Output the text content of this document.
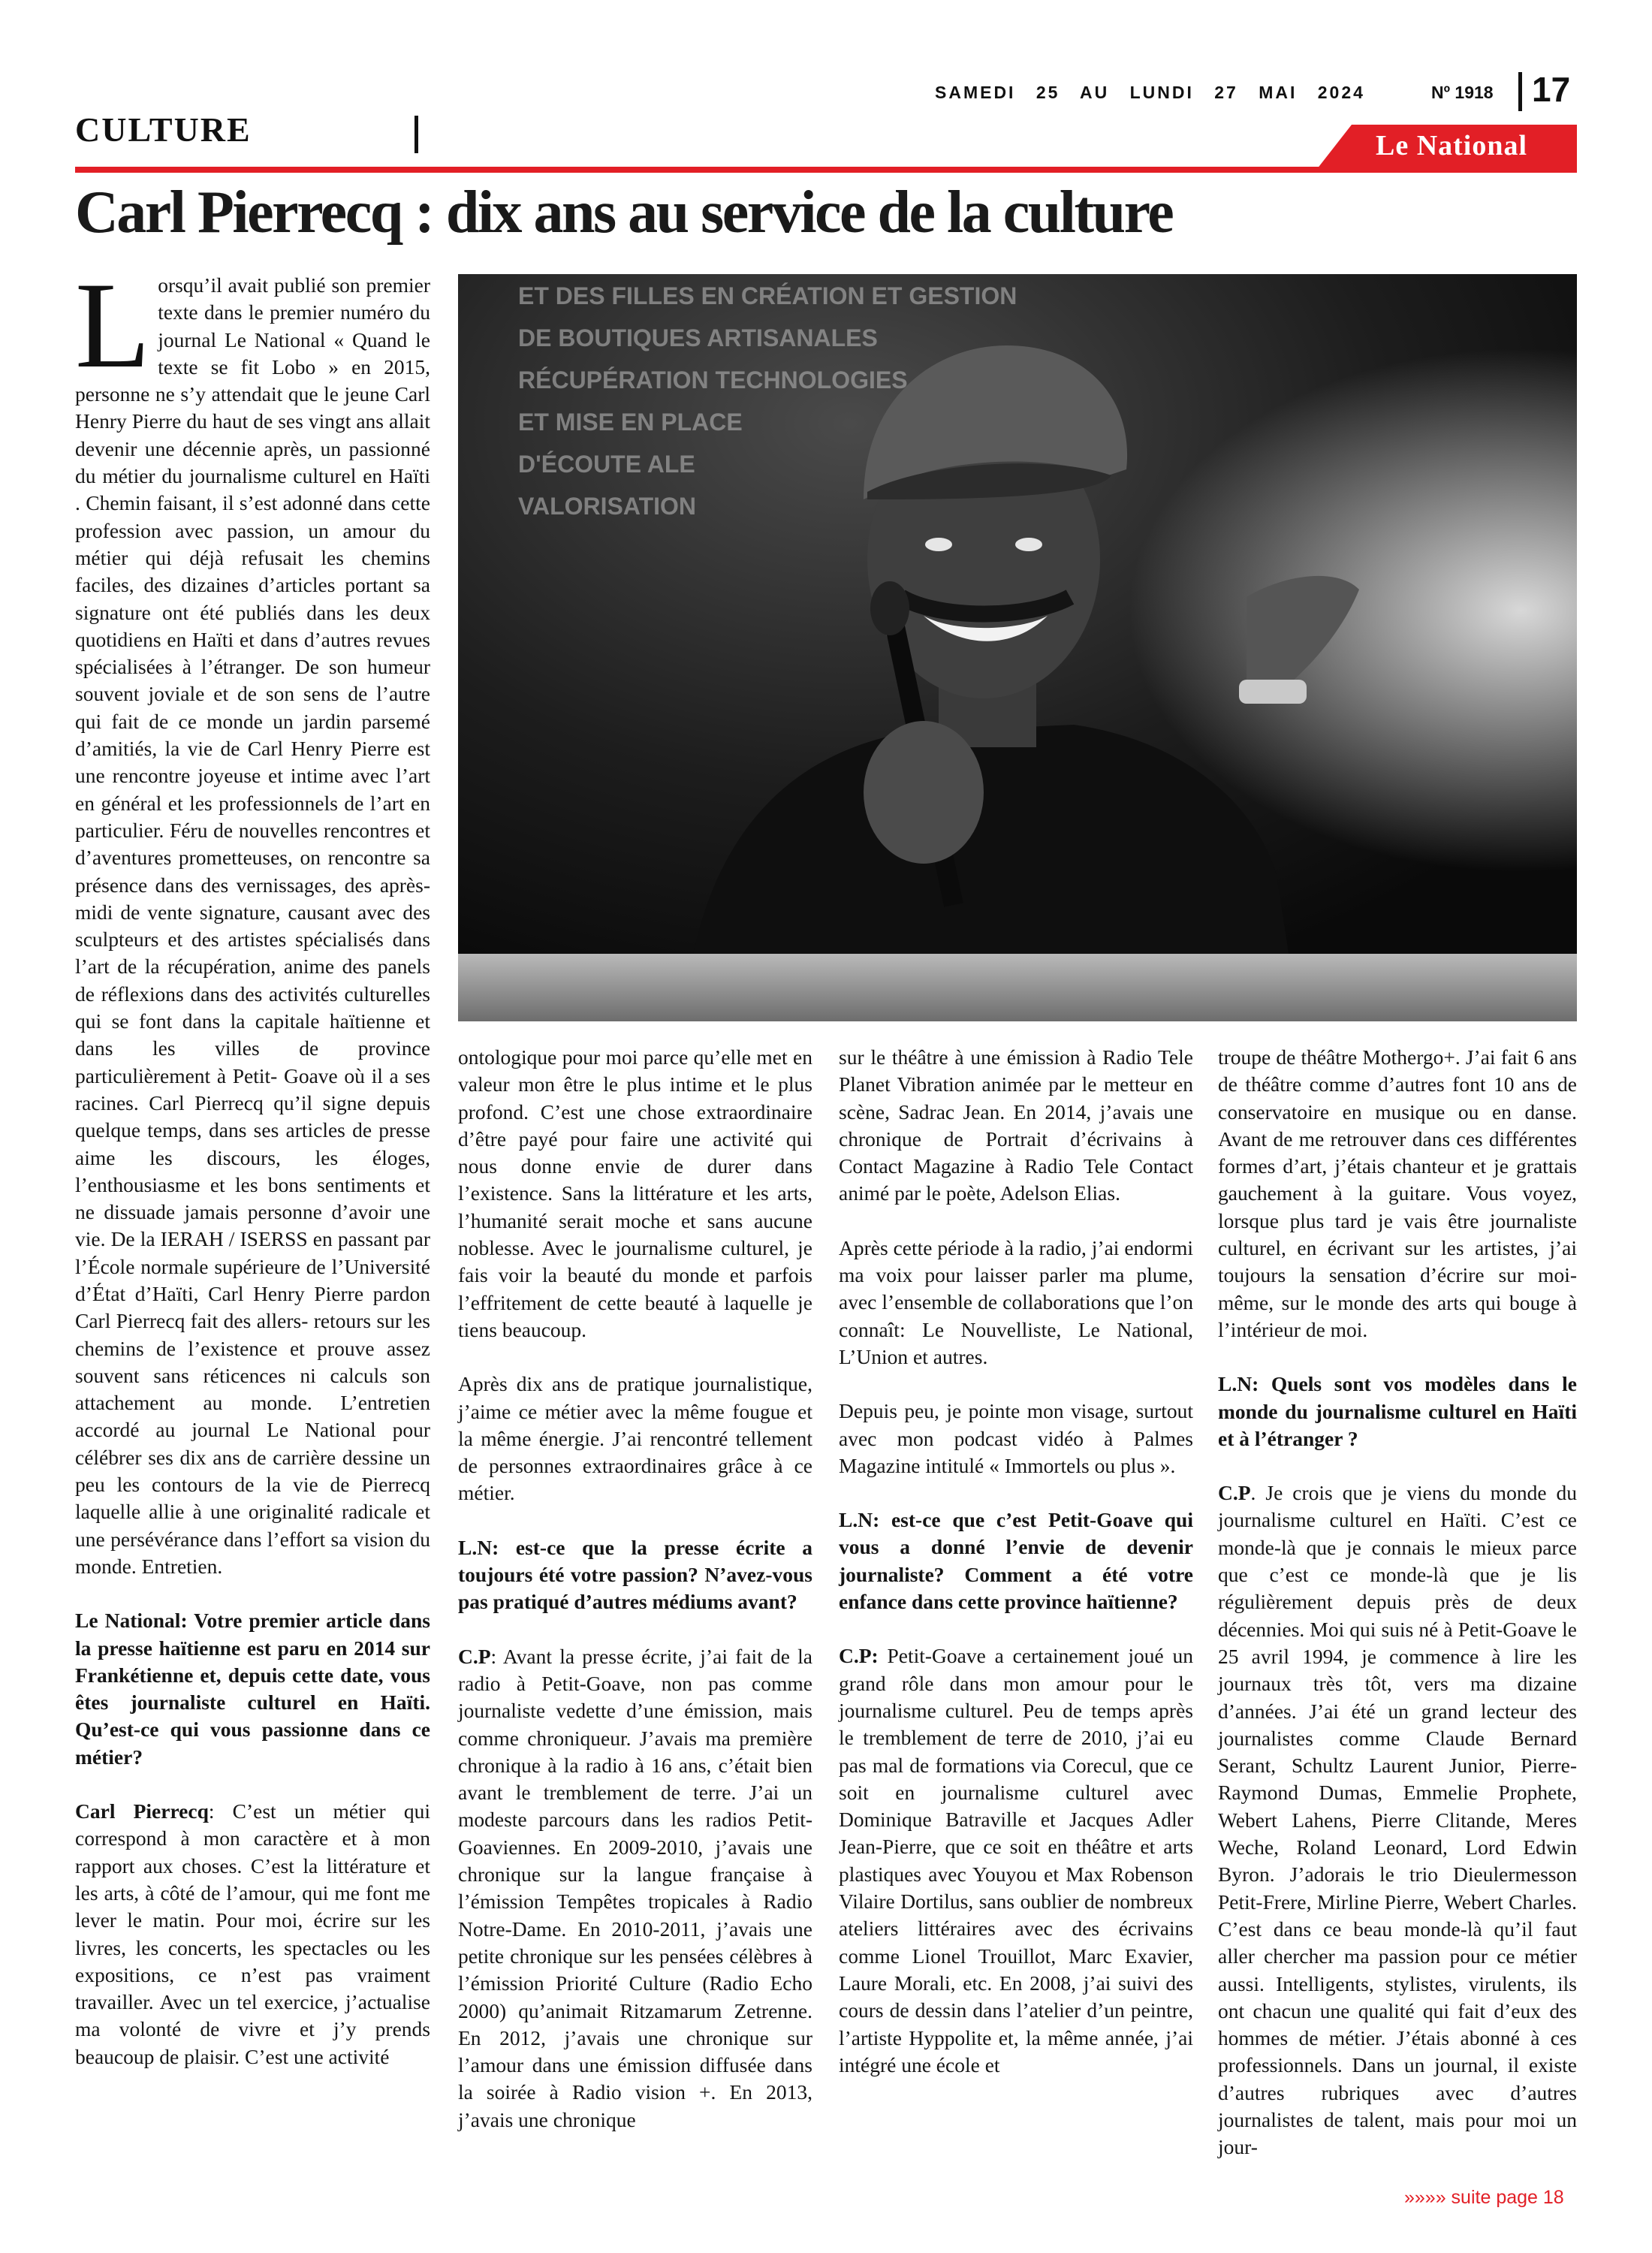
SAMEDI 25 AU LUNDI 27 MAI 2024	Nº 1918 17
CULTURE	Le National
Carl Pierrecq : dix ans au service de la culture
ET DES FILLES EN CRÉATION ET GESTION
DE BOUTIQUES ARTISANALES
RÉCUPÉRATION TECHNOLOGIES
ET MISE EN PLACE
D'ÉCOUTE ALE
VALORISATION

Lorsqu’il avait publié son premier texte dans le premier numéro du journal Le National « Quand le texte se fit Lobo » en 2015, personne ne s’y attendait que le jeune Carl Henry Pierre du haut de ses vingt ans allait devenir une décennie après, un passionné du métier du journalisme culturel en Haïti . Chemin faisant, il s’est adonné dans cette profession avec passion, un amour du métier qui déjà refusait les chemins faciles, des dizaines d’articles portant sa signature ont été publiés dans les deux quotidiens en Haïti et dans d’autres revues spécialisées à l’étranger. De son humeur souvent joviale et de son sens de l’autre qui fait de ce monde un jardin parsemé d’amitiés, la vie de Carl Henry Pierre est une rencontre joyeuse et intime avec l’art en général et les professionnels de l’art en particulier. Féru de nouvelles rencontres et d’aventures prometteuses, on rencontre sa présence dans des vernissages, des après-midi de vente signature, causant avec des sculpteurs et des artistes spécialisés dans l’art de la récupération, anime des panels de réflexions dans des activités culturelles qui se font dans la capitale haïtienne et dans les villes de province particulièrement à Petit- Goave où il a ses racines. Carl Pierrecq qu’il signe depuis quelque temps, dans ses articles de presse aime les discours, les éloges, l’enthousiasme et les bons sentiments et ne dissuade jamais personne d’avoir une vie. De la IERAH / ISERSS en passant par l’École normale supérieure de l’Université d’État d’Haïti, Carl Henry Pierre pardon Carl Pierrecq fait des allers- retours sur les chemins de l’existence et prouve assez souvent sans réticences ni calculs son attachement au monde. L’entretien accordé au journal Le National pour célébrer ses dix ans de carrière dessine un peu les contours de la vie de Pierrecq laquelle allie à une originalité radicale et une persévérance dans l’effort sa vision du monde. Entretien.

Le National: Votre premier article dans la presse haïtienne est paru en 2014 sur Frankétienne et, depuis cette date, vous êtes journaliste culturel en Haïti. Qu’est-ce qui vous passionne dans ce métier?

Carl Pierrecq: C’est un métier qui correspond à mon caractère et à mon rapport aux choses. C’est la littérature et les arts, à côté de l’amour, qui me font me lever le matin. Pour moi, écrire sur les livres, les concerts, les spectacles ou les expositions, ce n’est pas vraiment travailler. Avec un tel exercice, j’actualise ma volonté de vivre et j’y prends beaucoup de plaisir. C’est une activité

ontologique pour moi parce qu’elle met en valeur mon être le plus intime et le plus profond. C’est une chose extraordinaire d’être payé pour faire une activité qui nous donne envie de durer dans l’existence. Sans la littérature et les arts, l’humanité serait moche et sans aucune noblesse. Avec le journalisme culturel, je fais voir la beauté du monde et parfois l’effritement de cette beauté à laquelle je tiens beaucoup.

Après dix ans de pratique journalistique, j’aime ce métier avec la même fougue et la même énergie. J’ai rencontré tellement de personnes extraordinaires grâce à ce métier.

L.N: est-ce que la presse écrite a toujours été votre passion? N’avez-vous pas pratiqué d’autres médiums avant?

C.P: Avant la presse écrite, j’ai fait de la radio à Petit-Goave, non pas comme journaliste vedette d’une émission, mais comme chroniqueur. J’avais ma première chronique à la radio à 16 ans, c’était bien avant le tremblement de terre. J’ai un modeste parcours dans les radios Petit-Goaviennes. En 2009-2010, j’avais une chronique sur la langue française à l’émission Tempêtes tropicales à Radio Notre-Dame. En 2010-2011, j’avais une petite chronique sur les pensées célèbres à l’émission Priorité Culture (Radio Echo 2000) qu’animait Ritzamarum Zetrenne. En 2012, j’avais une chronique sur l’amour dans une émission diffusée dans la soirée à Radio vision +. En 2013, j’avais une chronique

sur le théâtre à une émission à Radio Tele Planet Vibration animée par le metteur en scène, Sadrac Jean. En 2014, j’avais une chronique de Portrait d’écrivains à Contact Magazine à Radio Tele Contact animé par le poète, Adelson Elias.

Après cette période à la radio, j’ai endormi ma voix pour laisser parler ma plume, avec l’ensemble de collaborations que l’on connaît: Le Nouvelliste, Le National, L’Union et autres.

Depuis peu, je pointe mon visage, surtout avec mon podcast vidéo à Palmes Magazine intitulé « Immortels ou plus ».

L.N: est-ce que c’est Petit-Goave qui vous a donné l’envie de devenir journaliste? Comment a été votre enfance dans cette province haïtienne?

C.P: Petit-Goave a certainement joué un grand rôle dans mon amour pour le journalisme culturel. Peu de temps après le tremblement de terre de 2010, j’ai eu pas mal de formations via Corecul, que ce soit en journalisme culturel avec Dominique Batraville et Jacques Adler Jean-Pierre, que ce soit en théâtre et arts plastiques avec Youyou et Max Robenson Vilaire Dortilus, sans oublier de nombreux ateliers littéraires avec des écrivains comme Lionel Trouillot, Marc Exavier, Laure Morali, etc. En 2008, j’ai suivi des cours de dessin dans l’atelier d’un peintre, l’artiste Hyppolite et, la même année, j’ai intégré une école et

troupe de théâtre Mothergo+. J’ai fait 6 ans de théâtre comme d’autres font 10 ans de conservatoire en musique ou en danse. Avant de me retrouver dans ces différentes formes d’art, j’étais chanteur et je grattais gauchement à la guitare. Vous voyez, lorsque plus tard je vais être journaliste culturel, en écrivant sur les artistes, j’ai toujours la sensation d’écrire sur moi-même, sur le monde des arts qui bouge à l’intérieur de moi.

L.N: Quels sont vos modèles dans le monde du journalisme culturel en Haïti et à l’étranger ?

C.P. Je crois que je viens du monde du journalisme culturel en Haïti. C’est ce monde-là que je connais le mieux parce que c’est ce monde-là que je lis régulièrement depuis près de deux décennies. Moi qui suis né à Petit-Goave le 25 avril 1994, je commence à lire les journaux très tôt, vers ma dizaine d’années. J’ai été un grand lecteur des journalistes comme Claude Bernard Serant, Schultz Laurent Junior, Pierre-Raymond Dumas, Emmelie Prophete, Webert Lahens, Pierre Clitande, Meres Weche, Roland Leonard, Lord Edwin Byron. J’adorais le trio Dieulermesson Petit-Frere, Mirline Pierre, Webert Charles. C’est dans ce beau monde-là qu’il faut aller chercher ma passion pour ce métier aussi. Intelligents, stylistes, virulents, ils ont chacun une qualité qui fait d’eux des hommes de métier. J’étais abonné à ces professionnels. Dans un journal, il existe d’autres rubriques avec d’autres journalistes de talent, mais pour moi un jour-

»»»» suite page 18
